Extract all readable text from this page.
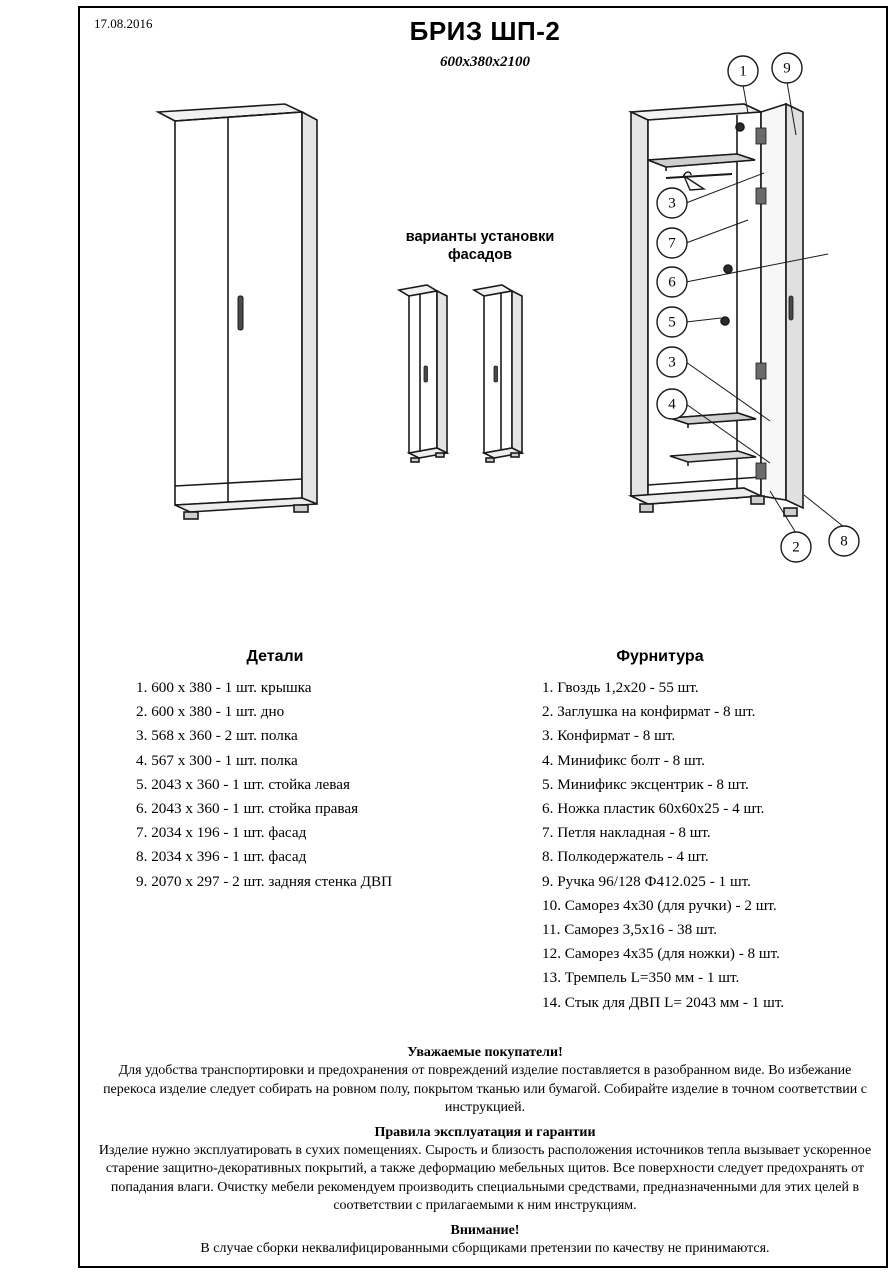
17.08.2016	БРИЗ ШП-2
600x380x2100
варианты установки
фасадов
1 9
3
7
6
5
3
4
2	8
Детали
1. 600 x 380 - 1 шт. крышка
2. 600 x 380 - 1 шт. дно
3. 568 x 360 - 2 шт. полка
4. 567 x 300 - 1 шт. полка
5. 2043 x 360 - 1 шт. стойка левая
6. 2043 x 360 - 1 шт. стойка правая
7. 2034 x 196 - 1 шт. фасад
8. 2034 x 396 - 1 шт. фасад
9. 2070 x 297 - 2 шт. задняя стенка ДВП
Фурнитура
1. Гвоздь 1,2х20 - 55 шт.
2. Заглушка на конфирмат - 8 шт.
3. Конфирмат - 8 шт.
4. Минификс болт - 8 шт.
5. Минификс эксцентрик - 8 шт.
6. Ножка пластик 60х60х25 - 4 шт.
7. Петля накладная - 8 шт.
8. Полкодержатель - 4 шт.
9. Ручка 96/128 Ф412.025 - 1 шт.
10. Саморез 4х30 (для ручки) - 2 шт.
11. Саморез 3,5х16 - 38 шт.
12. Саморез 4х35 (для ножки) - 8 шт.
13. Тремпель L=350 мм - 1 шт.
14. Стык для ДВП L= 2043 мм - 1 шт.
Уважаемые покупатели!
Для удобства транспортировки и предохранения от повреждений изделие поставляется в разобранном виде. Во избежание перекоса изделие следует собирать на ровном полу, покрытом тканью или бумагой. Собирайте изделие в точном соответствии с инструкцией.
Правила эксплуатация и гарантии
Изделие нужно эксплуатировать в сухих помещениях. Сырость и близость расположения источников тепла вызывает ускоренное старение защитно-декоративных покрытий, а также деформацию мебельных щитов. Все поверхности следует предохранять от попадания влаги. Очистку мебели рекомендуем производить специальными средствами, предназначенными для этих целей в соответствии с прилагаемыми к ним инструкциям.
Внимание!
В случае сборки неквалифицированными сборщиками претензии по качеству не принимаются.
